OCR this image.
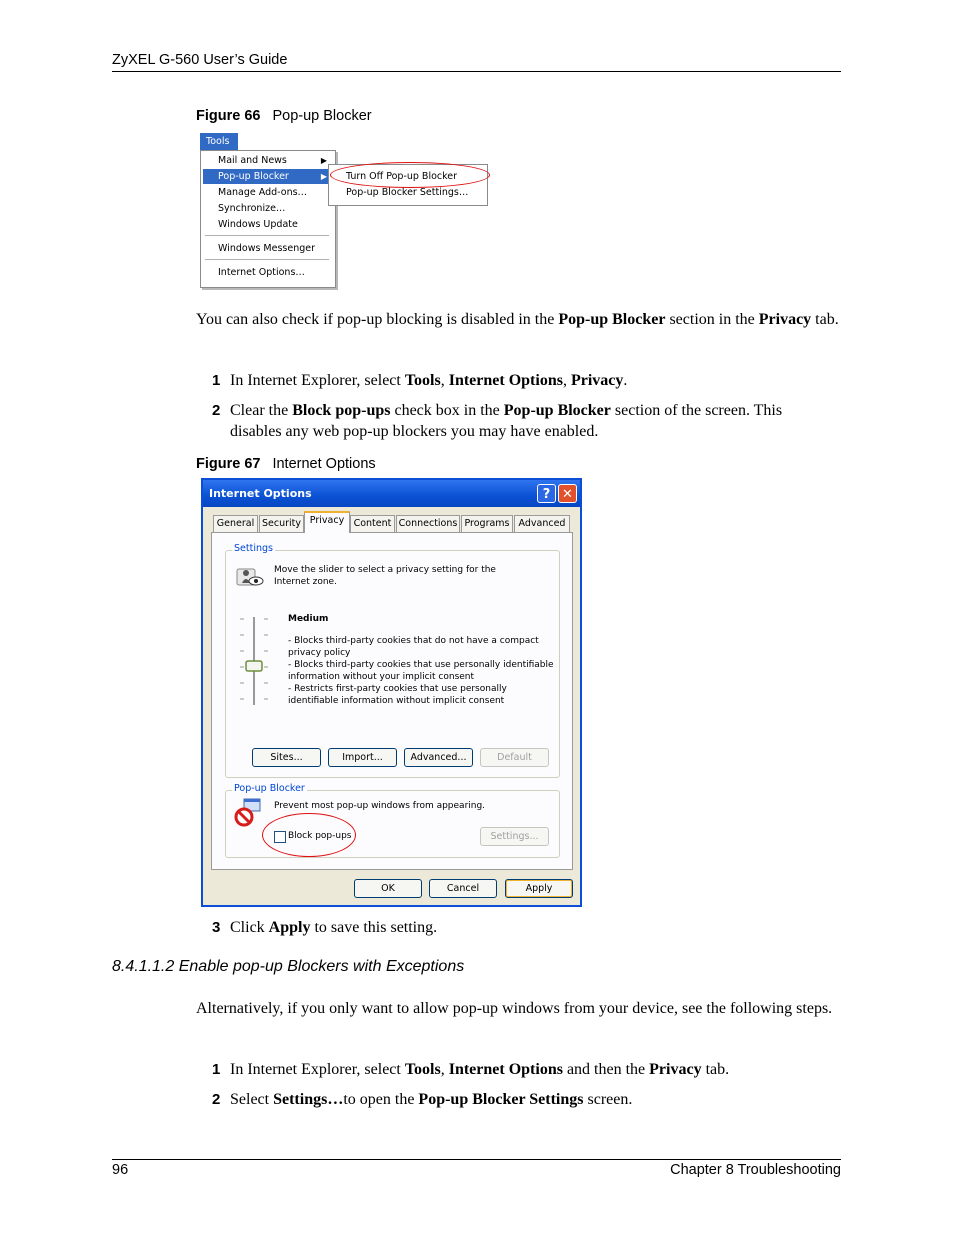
ZyXEL G-560 User’s Guide
Figure 66 Pop-up Blocker
Tools
Mail and News	▶
Pop-up Blocker	▶
Manage Add-ons…
Synchronize…
Windows Update
Windows Messenger
Internet Options…
Turn Off Pop-up Blocker
Pop-up Blocker Settings…
You can also check if pop-up blocking is disabled in the Pop-up Blocker section in the Privacy tab.
1 In Internet Explorer, select Tools, Internet Options, Privacy.
2 Clear the Block pop-ups check box in the Pop-up Blocker section of the screen. This disables any web pop-up blockers you may have enabled.
Figure 67 Internet Options
Internet Options	? ✕
General Security Privacy Content Connections Programs Advanced
Settings
Move the slider to select a privacy setting for the Internet zone.
Medium
- Blocks third-party cookies that do not have a compact privacy policy
- Blocks third-party cookies that use personally identifiable information without your implicit consent
- Restricts first-party cookies that use personally identifiable information without implicit consent
Sites...	Import...	Advanced...	Default
Pop-up Blocker
Prevent most pop-up windows from appearing.
Block pop-ups	Settings...
OK	Cancel	Apply
3 Click Apply to save this setting.
8.4.1.1.2 Enable pop-up Blockers with Exceptions
Alternatively, if you only want to allow pop-up windows from your device, see the following steps.
1 In Internet Explorer, select Tools, Internet Options and then the Privacy tab.
2 Select Settings…to open the Pop-up Blocker Settings screen.
96	Chapter 8 Troubleshooting
